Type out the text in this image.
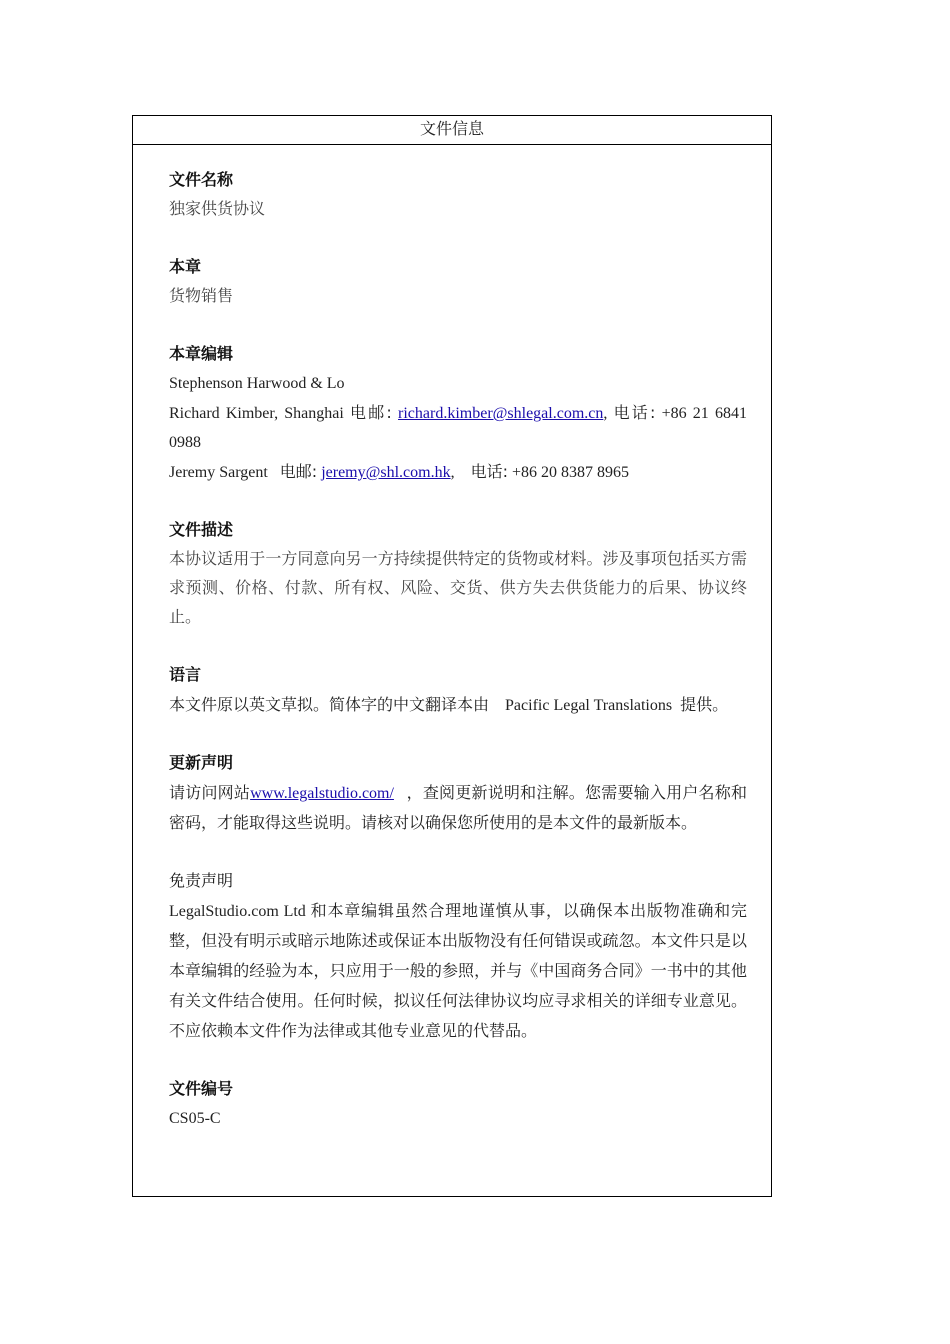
文件信息

文件名称

独家供货协议

本章

货物销售

本章编辑

Stephenson Harwood & Lo

Richard Kimber, Shanghai 电邮: richard.kimber@shlegal.com.cn, 电话: +86 21 6841 0988

Jeremy Sargent 电邮: jeremy@shl.com.hk, 电话: +86 20 8387 8965

文件描述

本协议适用于一方同意向另一方持续提供特定的货物或材料。涉及事项包括买方需求预测、价格、付款、所有权、风险、交货、供方失去供货能力的后果、协议终止。

语言

本文件原以英文草拟。简体字的中文翻译本由 Pacific Legal Translations 提供。

更新声明

请访问网站www.legalstudio.com/ ，查阅更新说明和注解。您需要输入用户名称和密码，才能取得这些说明。请核对以确保您所使用的是本文件的最新版本。

免责声明

LegalStudio.com Ltd 和本章编辑虽然合理地谨慎从事，以确保本出版物准确和完整，但没有明示或暗示地陈述或保证本出版物没有任何错误或疏忽。本文件只是以本章编辑的经验为本，只应用于一般的参照，并与《中国商务合同》一书中的其他有关文件结合使用。任何时候，拟议任何法律协议均应寻求相关的详细专业意见。不应依赖本文件作为法律或其他专业意见的代替品。

文件编号

CS05-C
